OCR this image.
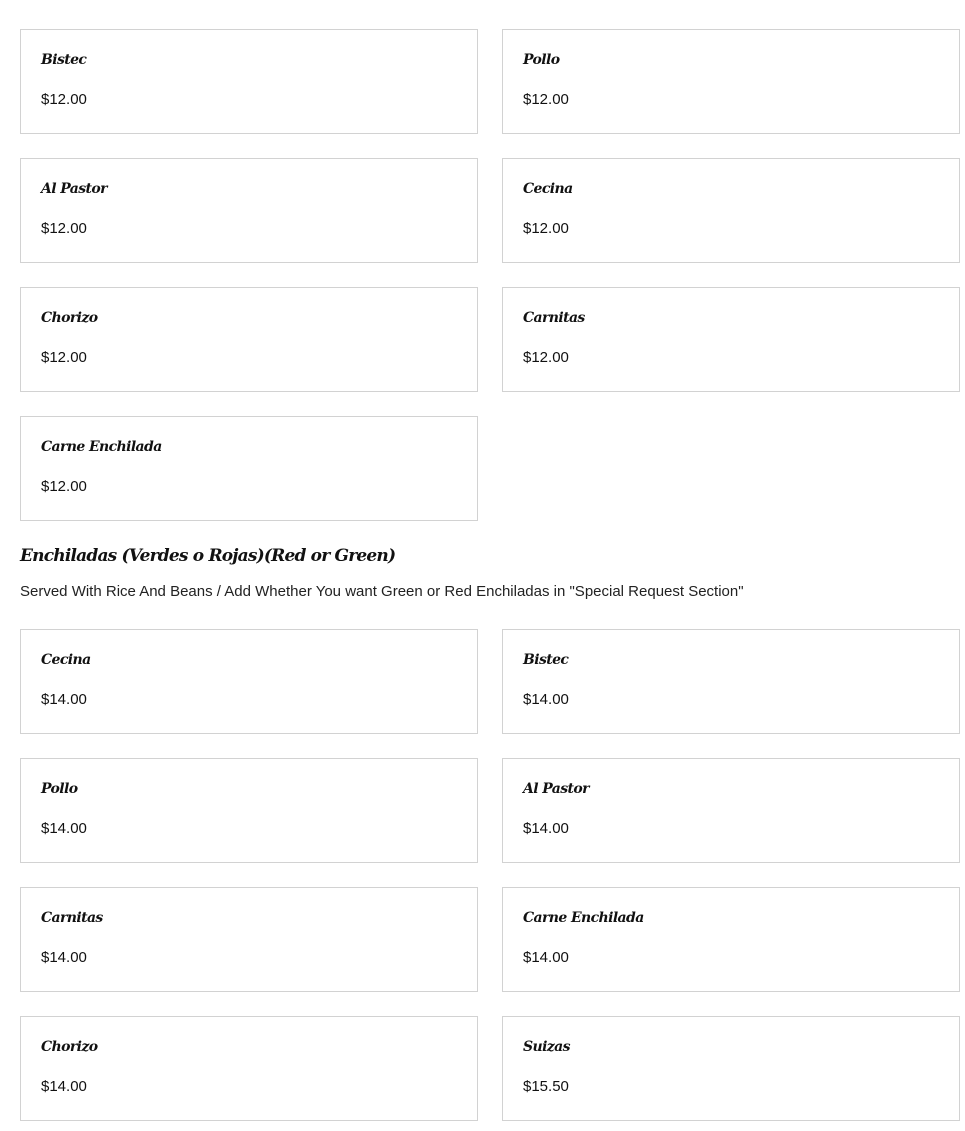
Bistec
$12.00
Pollo
$12.00
Al Pastor
$12.00
Cecina
$12.00
Chorizo
$12.00
Carnitas
$12.00
Carne Enchilada
$12.00
Enchiladas (Verdes o Rojas)(Red or Green)

Served With Rice And Beans / Add Whether You want Green or Red Enchiladas in "Special Request Section"

Cecina
$14.00
Bistec
$14.00
Pollo
$14.00
Al Pastor
$14.00
Carnitas
$14.00
Carne Enchilada
$14.00
Chorizo
$14.00
Suizas
$15.50
